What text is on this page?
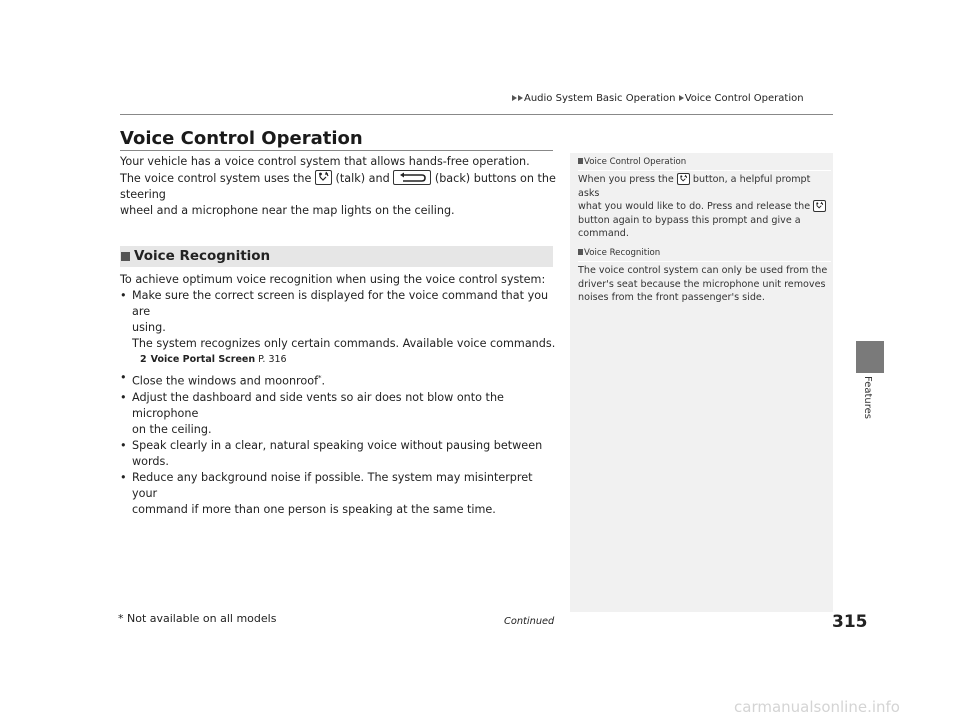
Audio System Basic Operation Voice Control Operation
Features
Voice Control Operation
Your vehicle has a voice control system that allows hands-free operation.
The voice control system uses the (talk) and	(back) buttons on the steering
wheel and a microphone near the map lights on the ceiling.
Voice Recognition

To achieve optimum voice recognition when using the voice control system:

• Make sure the correct screen is displayed for the voice command that you are
using.
The system recognizes only certain commands. Available voice commands.
2 Voice Portal Screen P. 316
• Close the windows and moonroof*.
• Adjust the dashboard and side vents so air does not blow onto the microphone
on the ceiling.
• Speak clearly in a clear, natural speaking voice without pausing between words.
• Reduce any background noise if possible. The system may misinterpret your
command if more than one person is speaking at the same time.
Voice Control Operation
When you press the button, a helpful prompt asks
what you would like to do. Press and release the
button again to bypass this prompt and give a
command.
Voice Recognition
The voice control system can only be used from the
driver's seat because the microphone unit removes
noises from the front passenger's side.
* Not available on all models	Continued	315
carmanualsonline.info
